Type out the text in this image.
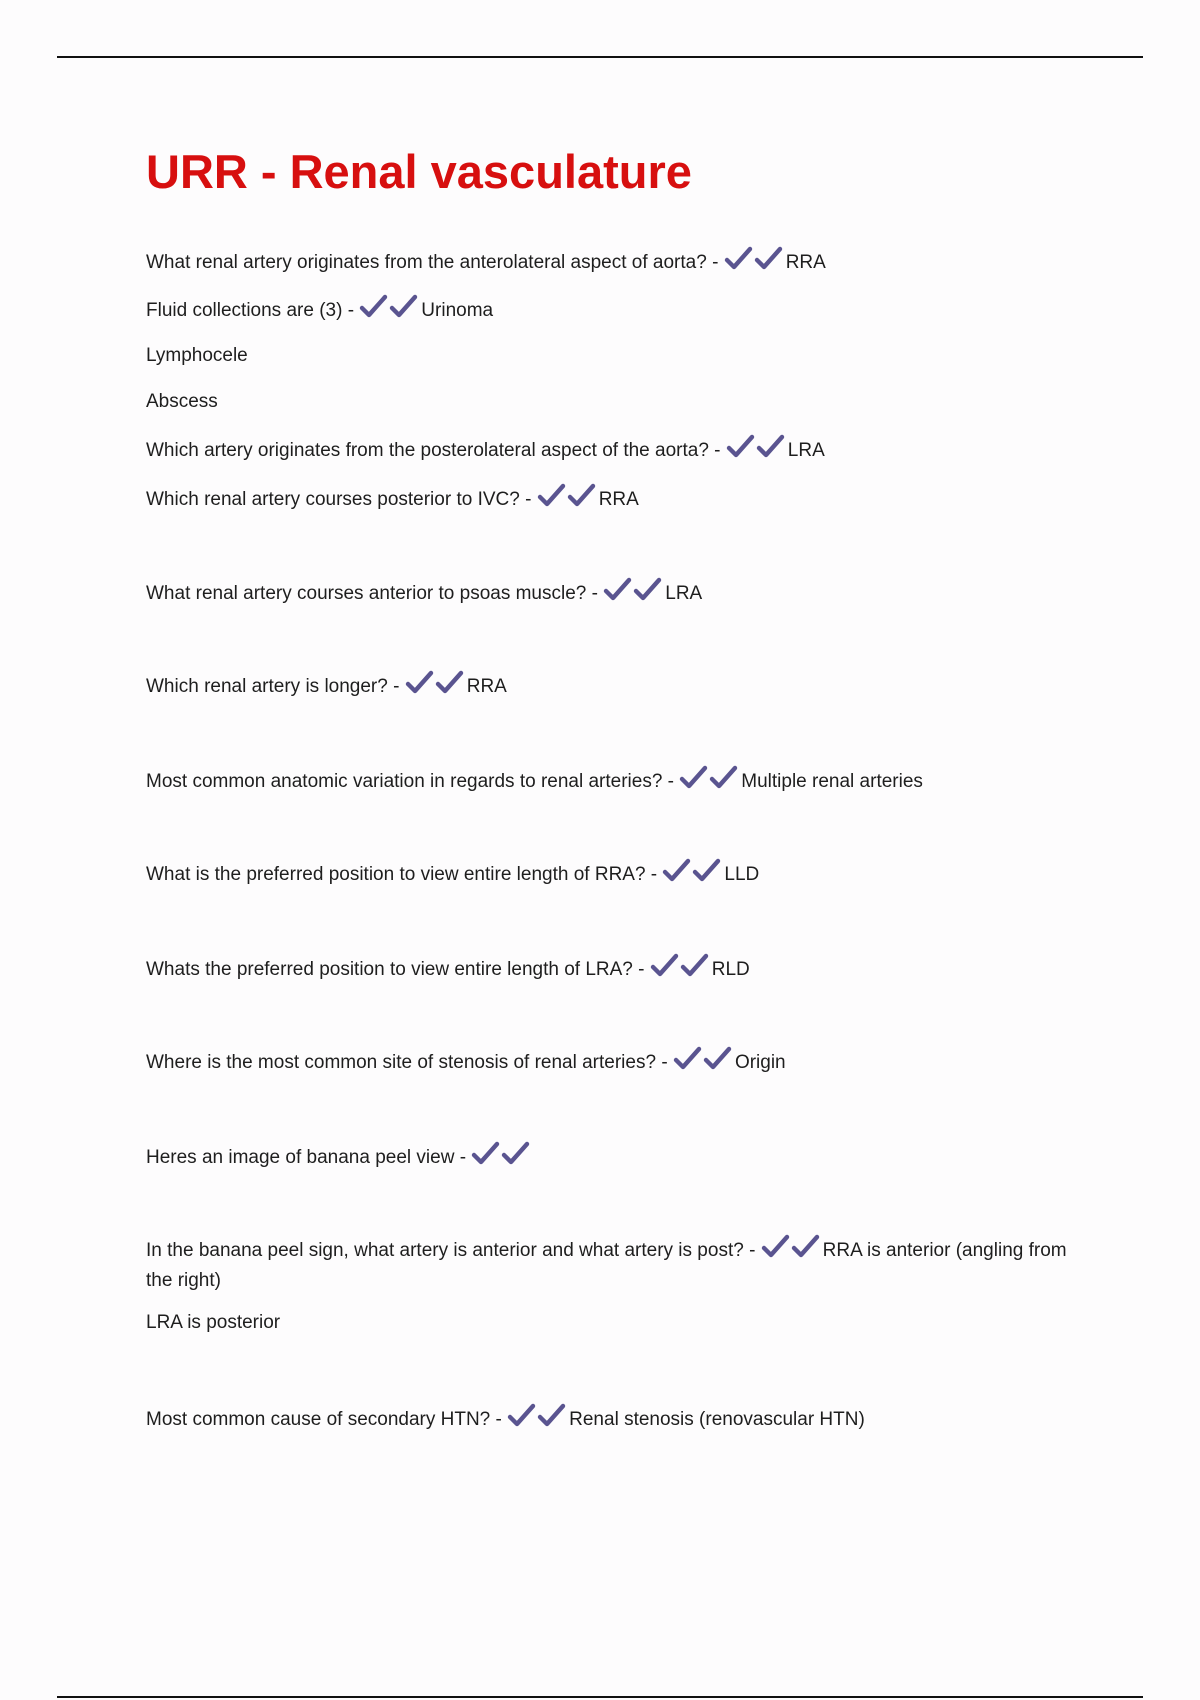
URR - Renal vasculature
What renal artery originates from the anterolateral aspect of aorta? -	RRA
Fluid collections are (3) -	Urinoma
Lymphocele
Abscess
Which artery originates from the posterolateral aspect of the aorta? -	LRA
Which renal artery courses posterior to IVC? -	RRA
What renal artery courses anterior to psoas muscle? -	LRA
Which renal artery is longer? -	RRA
Most common anatomic variation in regards to renal arteries? -	Multiple renal arteries
What is the preferred position to view entire length of RRA? -	LLD
Whats the preferred position to view entire length of LRA? -	RLD
Where is the most common site of stenosis of renal arteries? -	Origin
Heres an image of banana peel view -
In the banana peel sign, what artery is anterior and what artery is post? -	RRA is anterior (angling from the right)
LRA is posterior
Most common cause of secondary HTN? -	Renal stenosis (renovascular HTN)
